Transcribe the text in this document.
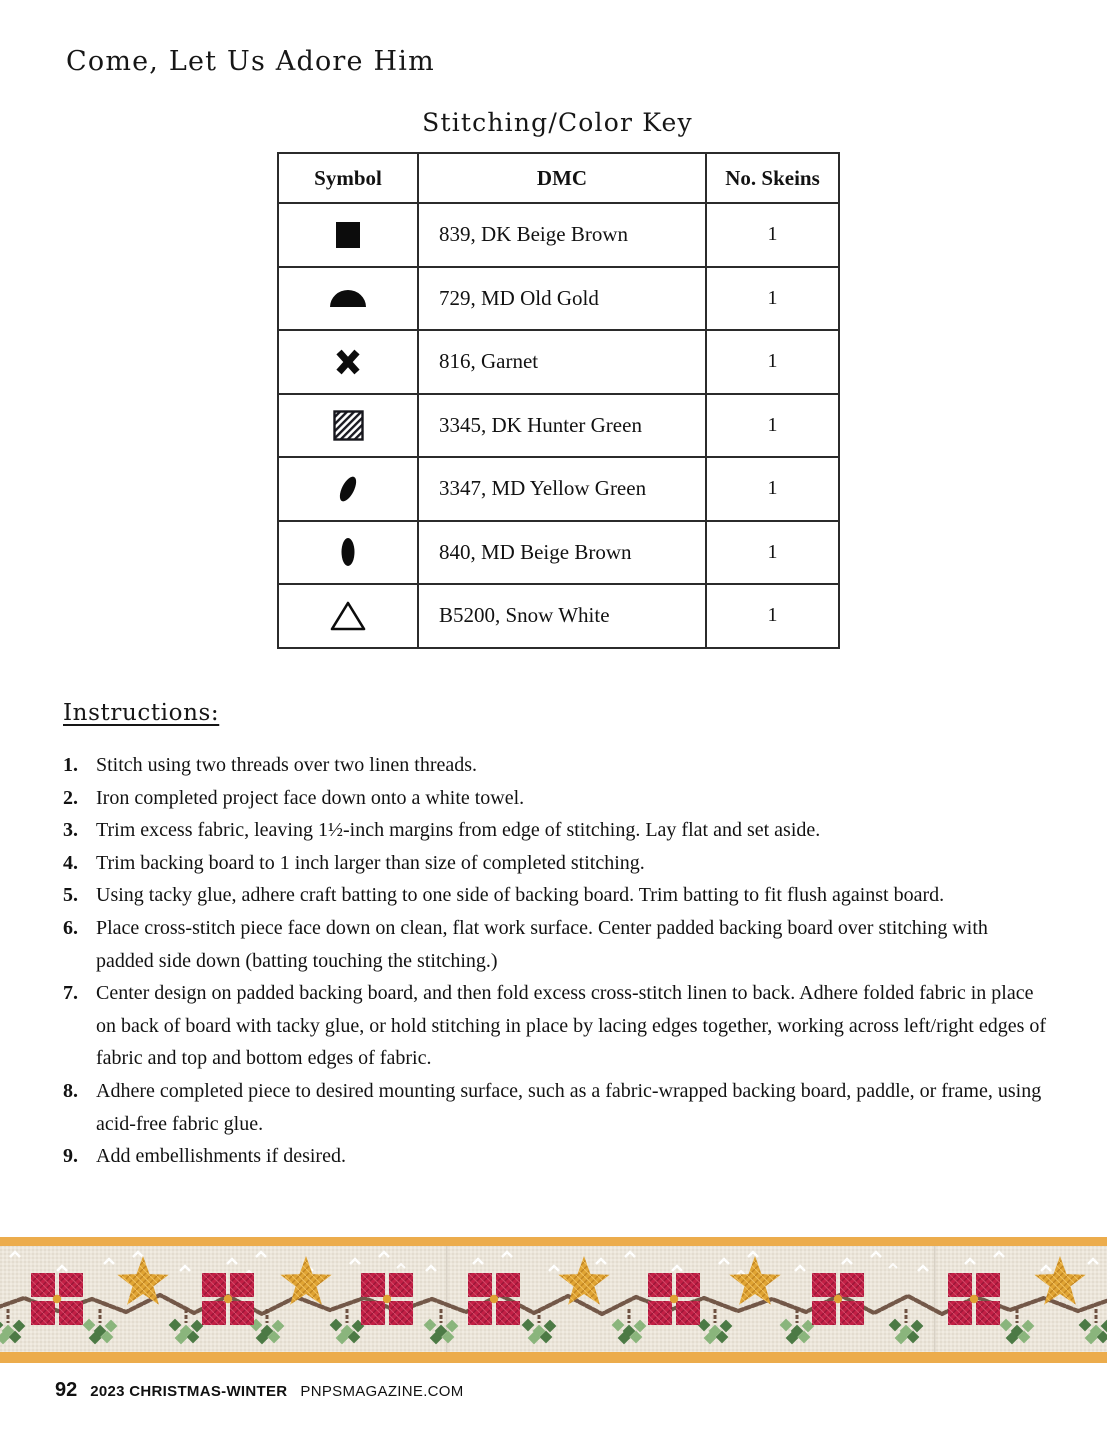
Come, Let Us Adore Him
Stitching/Color Key
Symbol	DMC	No. Skeins
	839, DK Beige Brown	1
	729, MD Old Gold	1
	816, Garnet	1
	3345, DK Hunter Green	1
	3347, MD Yellow Green	1
	840, MD Beige Brown	1
	B5200, Snow White	1
Instructions:
1. Stitch using two threads over two linen threads.
2. Iron completed project face down onto a white towel.
3. Trim excess fabric, leaving 1½-inch margins from edge of stitching. Lay flat and set aside.
4. Trim backing board to 1 inch larger than size of completed stitching.
5. Using tacky glue, adhere craft batting to one side of backing board. Trim batting to fit flush against board.
6. Place cross-stitch piece face down on clean, flat work surface. Center padded backing board over stitching with padded side down (batting touching the stitching.)
7. Center design on padded backing board, and then fold excess cross-stitch linen to back. Adhere folded fabric in place on back of board with tacky glue, or hold stitching in place by lacing edges together, working across left/right edges of fabric and top and bottom edges of fabric.
8. Adhere completed piece to desired mounting surface, such as a fabric-wrapped backing board, paddle, or frame, using acid-free fabric glue.
9. Add embellishments if desired.
92 2023 CHRISTMAS-WINTER PNPSMAGAZINE.COM
